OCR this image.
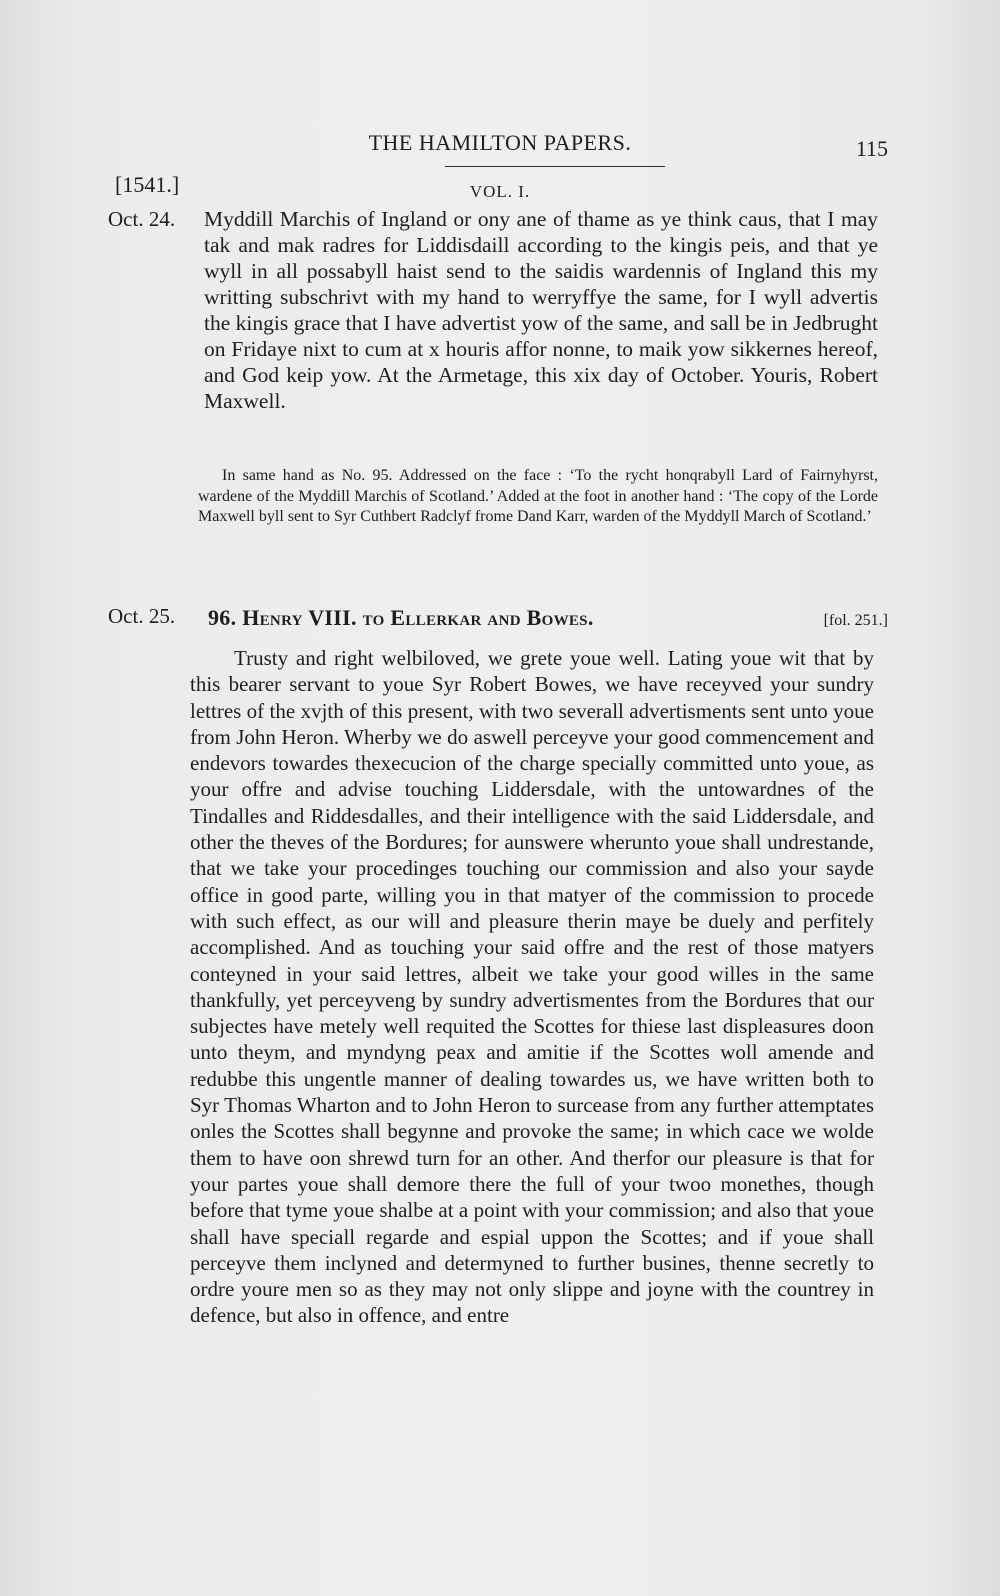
THE HAMILTON PAPERS.	115
[1541.]	VOL. I.
Oct. 24. Myddill Marchis of Ingland or ony ane of thame as ye think caus, that I may tak and mak radres for Liddisdaill according to the kingis peis, and that ye wyll in all possabyll haist send to the saidis wardennis of Ingland this my writting subschrivt with my hand to werryffye the same, for I wyll advertis the kingis grace that I have advertist yow of the same, and sall be in Jedbrught on Fridaye nixt to cum at x houris affor nonne, to maik yow sikkernes hereof, and God keip yow. At the Armetage, this xix day of October. Youris, Robert Maxwell.

In same hand as No. 95. Addressed on the face : ‘To the rycht honqrabyll Lard of Fairnyhyrst, wardene of the Myddill Marchis of Scotland.’ Added at the foot in another hand : ‘The copy of the Lorde Maxwell byll sent to Syr Cuthbert Radclyf frome Dand Karr, warden of the Myddyll March of Scotland.’

Oct. 25. 96. Henry VIII. to Ellerkar and Bowes.	[fol. 251.]

Trusty and right welbiloved, we grete youe well. Lating youe wit that by this bearer servant to youe Syr Robert Bowes, we have receyved your sundry lettres of the xvjth of this present, with two severall advertisments sent unto youe from John Heron. Wherby we do aswell perceyve your good commencement and endevors towardes thexecucion of the charge specially committed unto youe, as your offre and advise touching Liddersdale, with the untowardnes of the Tindalles and Riddesdalles, and their intelligence with the said Liddersdale, and other the theves of the Bordures; for aunswere wherunto youe shall undrestande, that we take your procedinges touching our commission and also your sayde office in good parte, willing you in that matyer of the commission to procede with such effect, as our will and pleasure therin maye be duely and perfitely accomplished. And as touching your said offre and the rest of those matyers conteyned in your said lettres, albeit we take your good willes in the same thankfully, yet perceyveng by sundry advertismentes from the Bordures that our subjectes have metely well requited the Scottes for thiese last displeasures doon unto theym, and myndyng peax and amitie if the Scottes woll amende and redubbe this ungentle manner of dealing towardes us, we have written both to Syr Thomas Wharton and to John Heron to surcease from any further attemptates onles the Scottes shall begynne and provoke the same; in which cace we wolde them to have oon shrewd turn for an other. And therfor our pleasure is that for your partes youe shall demore there the full of your twoo monethes, though before that tyme youe shalbe at a point with your commission; and also that youe shall have speciall regarde and espial uppon the Scottes; and if youe shall perceyve them inclyned and determyned to further busines, thenne secretly to ordre youre men so as they may not only slippe and joyne with the countrey in defence, but also in offence, and entre
